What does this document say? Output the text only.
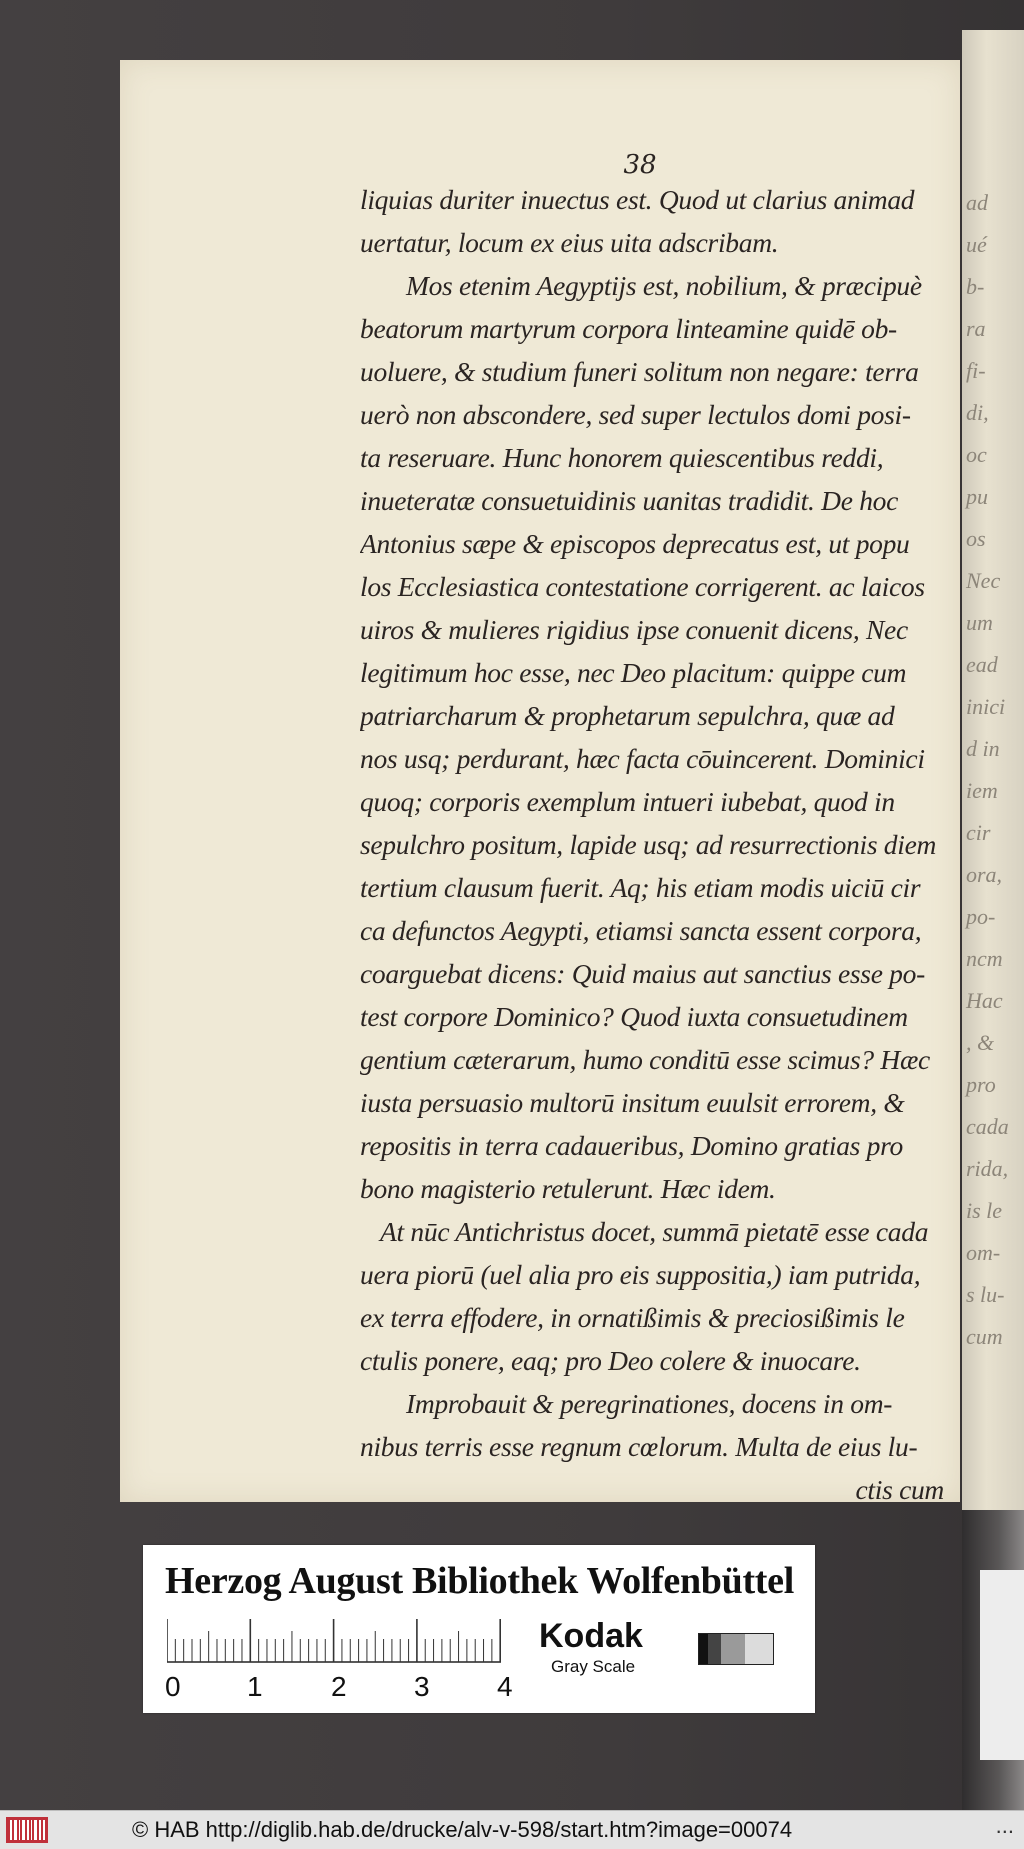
ad
ué
b-
ra
fi-
di,
oc
pu
os
Nec
um
ead
inici
d in
iem
cir
ora,
po-
ncm
Hac
, &
pro
cada
rida,
is le
om-
s lu-
cum
38
liquias duriter inuectus est. Quod ut clarius animad
uertatur, locum ex eius uita adscribam.
Mos etenim Aegyptijs est, nobilium, & præcipuè
beatorum martyrum corpora linteamine quidē ob-
uoluere, & studium funeri solitum non negare: terra
uerò non abscondere, sed super lectulos domi posi-
ta reseruare. Hunc honorem quiescentibus reddi,
inueteratæ consuetuidinis uanitas tradidit. De hoc
Antonius sæpe & episcopos deprecatus est, ut popu
los Ecclesiastica contestatione corrigerent. ac laicos
uiros & mulieres rigidius ipse conuenit dicens, Nec
legitimum hoc esse, nec Deo placitum: quippe cum
patriarcharum & prophetarum sepulchra, quæ ad
nos usq; perdurant, hæc facta cōuincerent. Dominici
quoq; corporis exemplum intueri iubebat, quod in
sepulchro positum, lapide usq; ad resurrectionis diem
tertium clausum fuerit. Aq; his etiam modis uiciū cir
ca defunctos Aegypti, etiamsi sancta essent corpora,
coarguebat dicens: Quid maius aut sanctius esse po-
test corpore Dominico? Quod iuxta consuetudinem
gentium cæterarum, humo conditū esse scimus? Hæc
iusta persuasio multorū insitum euulsit errorem, &
repositis in terra cadaueribus, Domino gratias pro
bono magisterio retulerunt. Hæc idem.
At nūc Antichristus docet, summā pietatē esse cada
uera piorū (uel alia pro eis suppositia,) iam putrida,
ex terra effodere, in ornatißimis & preciosißimis le
ctulis ponere, eaq; pro Deo colere & inuocare.
Improbauit & peregrinationes, docens in om-
nibus terris esse regnum cœlorum. Multa de eius lu-
ctis cum
Herzog August Bibliothek Wolfenbüttel
0 1 2 3 4
Kodak
Gray Scale
© HAB http://diglib.hab.de/drucke/alv-v-598/start.htm?image=00074	...
